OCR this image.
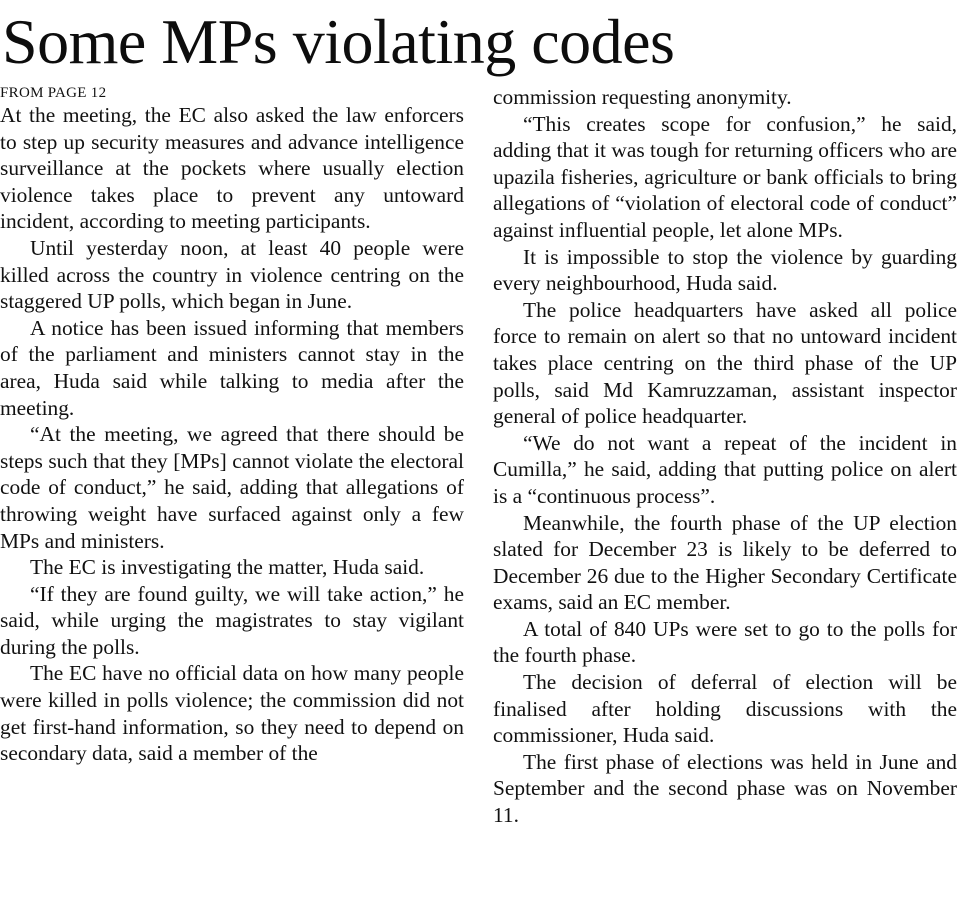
Some MPs violating codes

FROM PAGE 12

At the meeting, the EC also asked the law enforcers to step up security measures and advance intelligence surveillance at the pockets where usually election violence takes place to prevent any untoward incident, according to meeting participants.

Until yesterday noon, at least 40 people were killed across the country in violence centring on the staggered UP polls, which began in June.

A notice has been issued informing that members of the parliament and ministers cannot stay in the area, Huda said while talking to media after the meeting.

“At the meeting, we agreed that there should be steps such that they [MPs] cannot violate the electoral code of conduct,” he said, adding that allegations of throwing weight have surfaced against only a few MPs and ministers.

The EC is investigating the matter, Huda said.

“If they are found guilty, we will take action,” he said, while urging the magistrates to stay vigilant during the polls.

The EC have no official data on how many people were killed in polls violence; the commission did not get first-hand information, so they need to depend on secondary data, said a member of the

commission requesting anonymity.

“This creates scope for confusion,” he said, adding that it was tough for returning officers who are upazila fisheries, agriculture or bank officials to bring allegations of “violation of electoral code of conduct” against influential people, let alone MPs.

It is impossible to stop the violence by guarding every neighbourhood, Huda said.

The police headquarters have asked all police force to remain on alert so that no untoward incident takes place centring on the third phase of the UP polls, said Md Kamruzzaman, assistant inspector general of police headquarter.

“We do not want a repeat of the incident in Cumilla,” he said, adding that putting police on alert is a “continuous process”.

Meanwhile, the fourth phase of the UP election slated for December 23 is likely to be deferred to December 26 due to the Higher Secondary Certificate exams, said an EC member.

A total of 840 UPs were set to go to the polls for the fourth phase.

The decision of deferral of election will be finalised after holding discussions with the commissioner, Huda said.

The first phase of elections was held in June and September and the second phase was on November 11.
